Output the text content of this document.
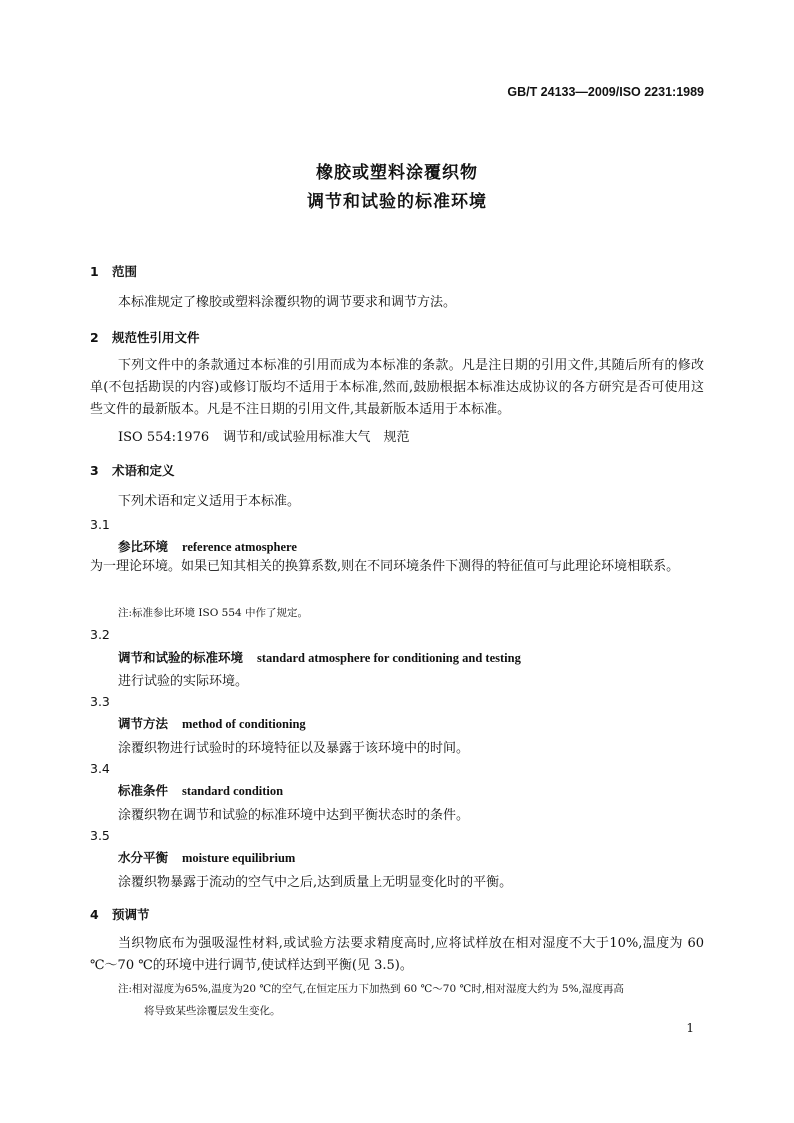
GB/T 24133—2009/ISO 2231:1989
橡胶或塑料涂覆织物
调节和试验的标准环境
1 范围
本标准规定了橡胶或塑料涂覆织物的调节要求和调节方法。
2 规范性引用文件
下列文件中的条款通过本标准的引用而成为本标准的条款。凡是注日期的引用文件,其随后所有的修改单(不包括勘误的内容)或修订版均不适用于本标准,然而,鼓励根据本标准达成协议的各方研究是否可使用这些文件的最新版本。凡是不注日期的引用文件,其最新版本适用于本标准。
ISO 554:1976 调节和/或试验用标准大气　规范
3 术语和定义
下列术语和定义适用于本标准。
3.1
参比环境 reference atmosphere
为一理论环境。如果已知其相关的换算系数,则在不同环境条件下测得的特征值可与此理论环境相联系。
注:标准参比环境 ISO 554 中作了规定。
3.2
调节和试验的标准环境 standard atmosphere for conditioning and testing
进行试验的实际环境。
3.3
调节方法 method of conditioning
涂覆织物进行试验时的环境特征以及暴露于该环境中的时间。
3.4
标准条件 standard condition
涂覆织物在调节和试验的标准环境中达到平衡状态时的条件。
3.5
水分平衡 moisture equilibrium
涂覆织物暴露于流动的空气中之后,达到质量上无明显变化时的平衡。
4 预调节
当织物底布为强吸湿性材料,或试验方法要求精度高时,应将试样放在相对湿度不大于10%,温度为 60 ℃～70 ℃的环境中进行调节,使试样达到平衡(见 3.5)。
注:相对湿度为65%,温度为20 ℃的空气,在恒定压力下加热到 60 ℃～70 ℃时,相对湿度大约为 5%,湿度再高
将导致某些涂覆层发生变化。
1
